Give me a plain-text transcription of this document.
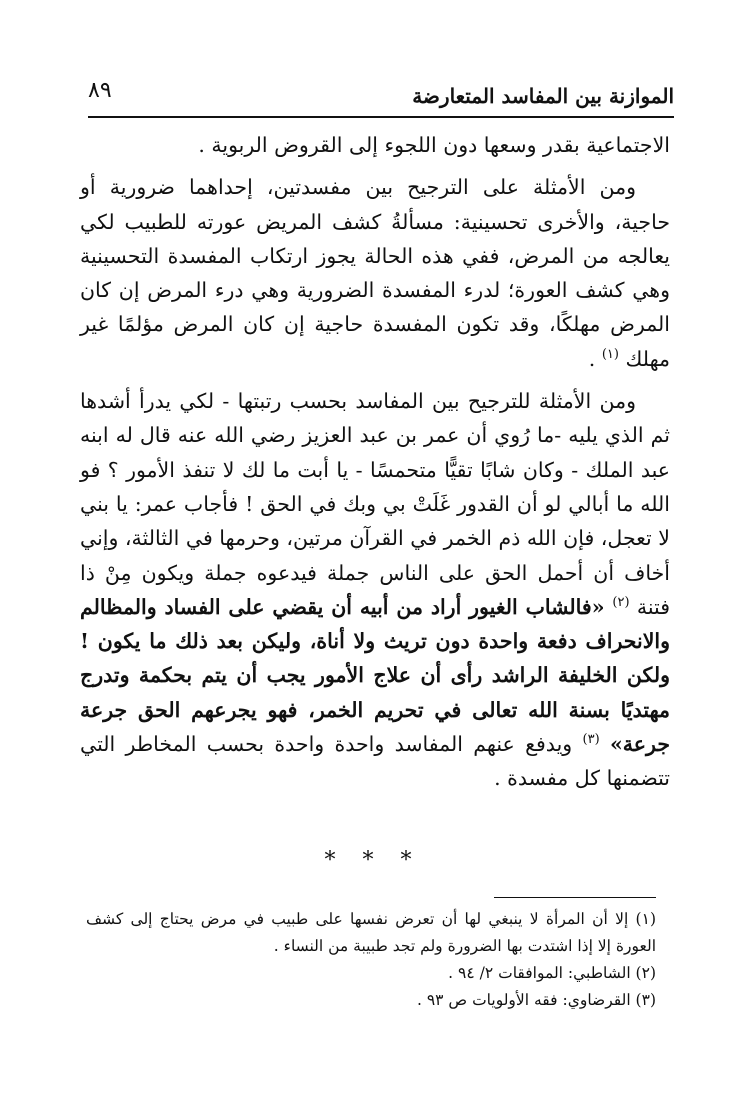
٨٩	الموازنة بين المفاسد المتعارضة

الاجتماعية بقدر وسعها دون اللجوء إلى القروض الربوية .

ومن الأمثلة على الترجيح بين مفسدتين، إحداهما ضرورية أو حاجية، والأخرى تحسينية: مسألةُ كشف المريض عورته للطبيب لكي يعالجه من المرض، ففي هذه الحالة يجوز ارتكاب المفسدة التحسينية وهي كشف العورة؛ لدرء المفسدة الضرورية وهي درء المرض إن كان المرض مهلكًا، وقد تكون المفسدة حاجية إن كان المرض مؤلمًا غير مهلك $^{(١)}$ .

ومن الأمثلة للترجيح بين المفاسد بحسب رتبتها - لكي يدرأ أشدها ثم الذي يليه -ما رُوي أن عمر بن عبد العزيز رضي الله عنه قال له ابنه عبد الملك - وكان شابًا تقيًّا متحمسًا - يا أبت ما لك لا تنفذ الأمور ؟ فو الله ما أبالي لو أن القدور غَلَتْ بي وبك في الحق ! فأجاب عمر: يا بني لا تعجل، فإن الله ذم الخمر في القرآن مرتين، وحرمها في الثالثة، وإني أخاف أن أحمل الحق على الناس جملة فيدعوه جملة ويكون مِنْ ذا فتنة $^{(٢)}$ «فالشاب الغيور أراد من أبيه أن يقضي على الفساد والمظالم والانحراف دفعة واحدة دون تريث ولا أناة، وليكن بعد ذلك ما يكون ! ولكن الخليفة الراشد رأى أن علاج الأمور يجب أن يتم بحكمة وتدرج مهتديًا بسنة الله تعالى في تحريم الخمر، فهو يجرعهم الحق جرعة جرعة» $^{(٣)}$ ويدفع عنهم المفاسد واحدة واحدة بحسب المخاطر التي تتضمنها كل مفسدة .

* * *
(١) إلا أن المرأة لا ينبغي لها أن تعرض نفسها على طبيب في مرض يحتاج إلى كشف العورة إلا إذا اشتدت بها الضرورة ولم تجد طبيبة من النساء .
(٢) الشاطبي: الموافقات ٢/ ٩٤ .
(٣) القرضاوي: فقه الأولويات ص ٩٣ .
